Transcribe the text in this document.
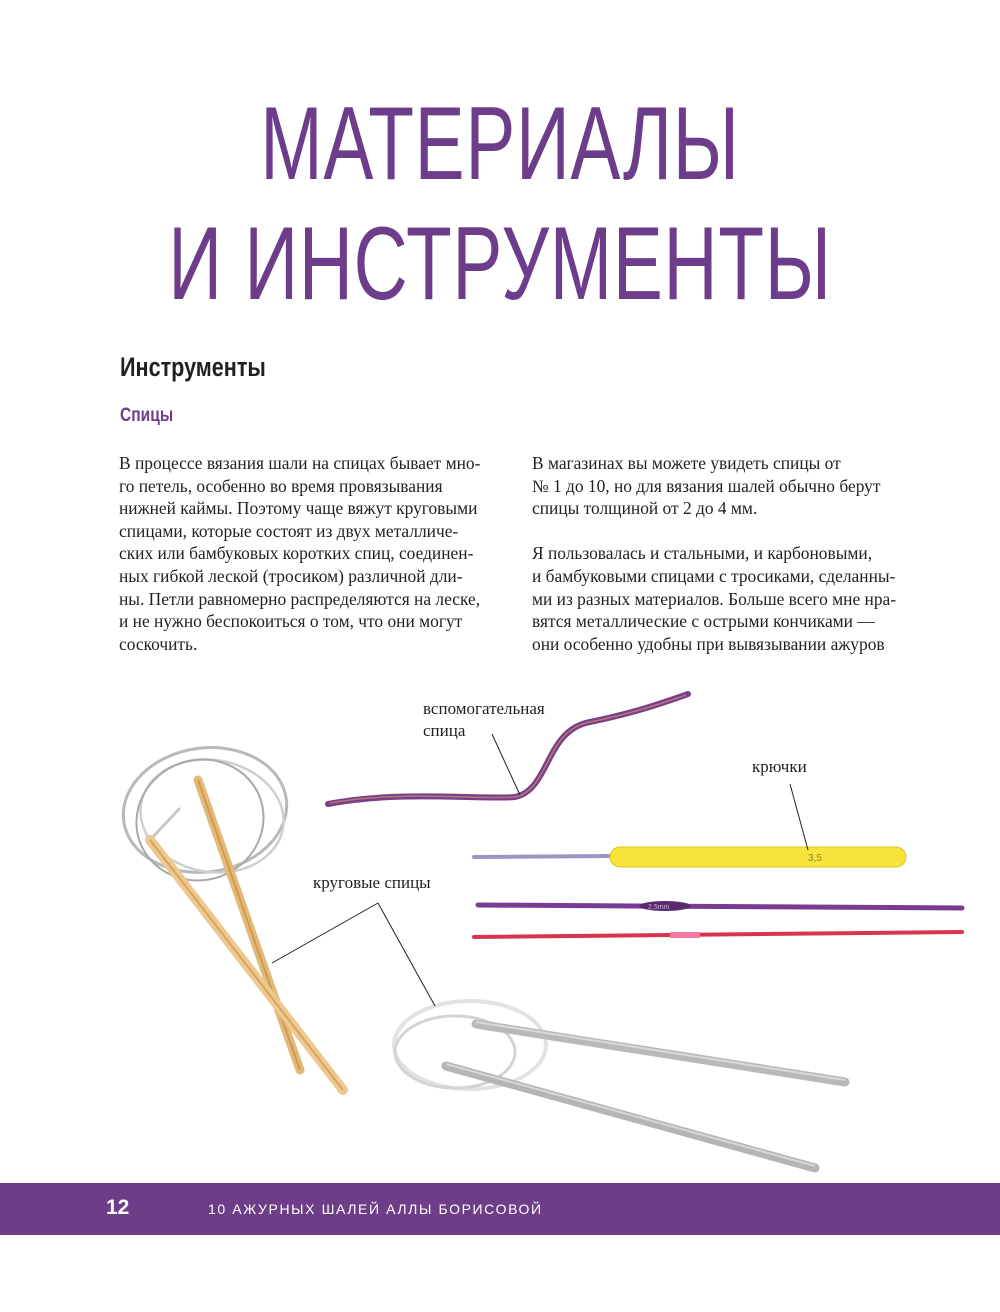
МАТЕРИАЛЫ
И ИНСТРУМЕНТЫ
Инструменты
Спицы
В процессе вязания шали на спицах бывает мно-
го петель, особенно во время провязывания
нижней каймы. Поэтому чаще вяжут круговыми
спицами, которые состоят из двух металличе-
ских или бамбуковых коротких спиц, соединен-
ных гибкой леской (тросиком) различной дли-
ны. Петли равномерно распределяются на леске,
и не нужно беспокоиться о том, что они могут
соскочить.
В магазинах вы можете увидеть спицы от
№ 1 до 10, но для вязания шалей обычно берут
спицы толщиной от 2 до 4 мм.
Я пользовалась и стальными, и карбоновыми,
и бамбуковыми спицами с тросиками, сделанны-
ми из разных материалов. Больше всего мне нра-
вятся металлические с острыми кончиками —
они особенно удобны при вывязывании ажуров
3,5
2,5mm
вспомогательная
спица
крючки
круговые спицы
12	10 АЖУРНЫХ ШАЛЕЙ АЛЛЫ БОРИСОВОЙ
